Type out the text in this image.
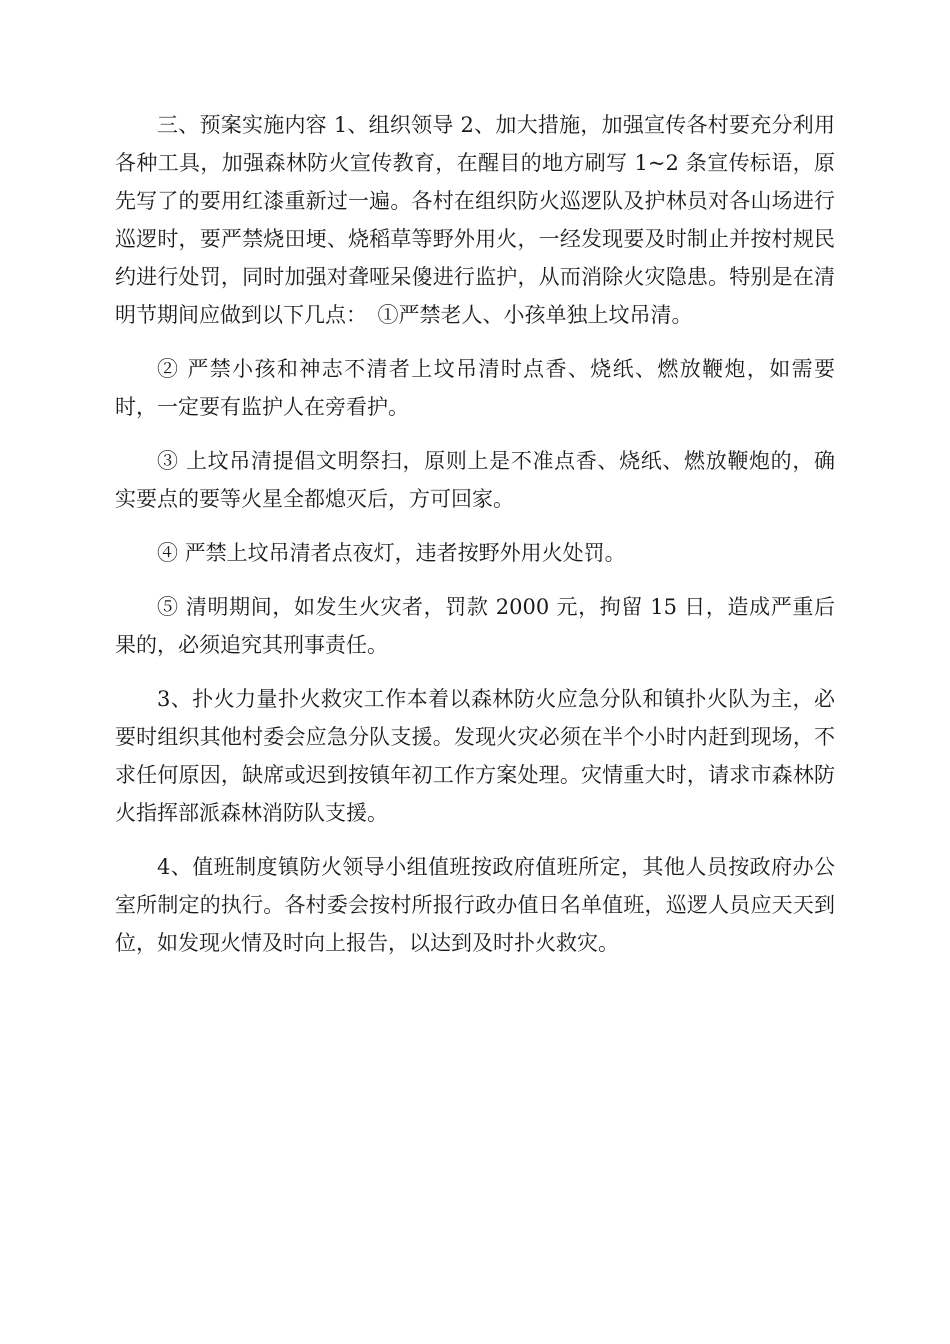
三、预案实施内容 1、组织领导 2、加大措施，加强宣传各村要充分利用各种工具，加强森林防火宣传教育，在醒目的地方刷写 1~2 条宣传标语，原先写了的要用红漆重新过一遍。各村在组织防火巡逻队及护林员对各山场进行巡逻时，要严禁烧田埂、烧稻草等野外用火，一经发现要及时制止并按村规民约进行处罚，同时加强对聋哑呆傻进行监护，从而消除火灾隐患。特别是在清明节期间应做到以下几点：　①严禁老人、小孩单独上坟吊清。

② 严禁小孩和神志不清者上坟吊清时点香、烧纸、燃放鞭炮，如需要时，一定要有监护人在旁看护。

③ 上坟吊清提倡文明祭扫，原则上是不准点香、烧纸、燃放鞭炮的，确实要点的要等火星全都熄灭后，方可回家。

④ 严禁上坟吊清者点夜灯，违者按野外用火处罚。

⑤ 清明期间，如发生火灾者，罚款 2000 元，拘留 15 日，造成严重后果的，必须追究其刑事责任。

3、扑火力量扑火救灾工作本着以森林防火应急分队和镇扑火队为主，必要时组织其他村委会应急分队支援。发现火灾必须在半个小时内赶到现场，不求任何原因，缺席或迟到按镇年初工作方案处理。灾情重大时，请求市森林防火指挥部派森林消防队支援。

4、值班制度镇防火领导小组值班按政府值班所定，其他人员按政府办公室所制定的执行。各村委会按村所报行政办值日名单值班，巡逻人员应天天到位，如发现火情及时向上报告，以达到及时扑火救灾。
